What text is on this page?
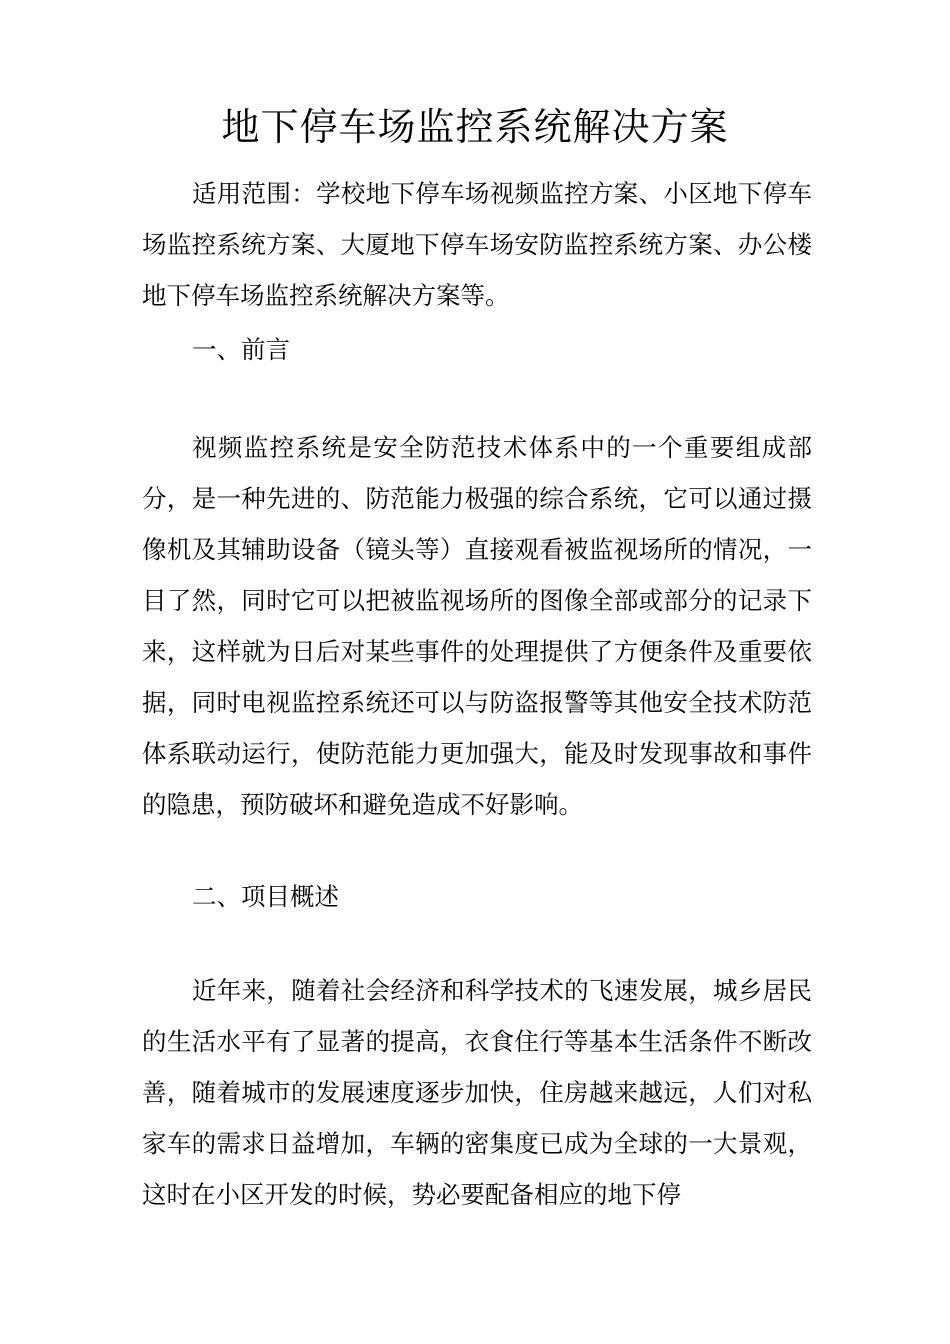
地下停车场监控系统解决方案

适用范围：学校地下停车场视频监控方案、小区地下停车场监控系统方案、大厦地下停车场安防监控系统方案、办公楼地下停车场监控系统解决方案等。

一、前言

视频监控系统是安全防范技术体系中的一个重要组成部分，是一种先进的、防范能力极强的综合系统，它可以通过摄像机及其辅助设备（镜头等）直接观看被监视场所的情况，一目了然，同时它可以把被监视场所的图像全部或部分的记录下来，这样就为日后对某些事件的处理提供了方便条件及重要依据，同时电视监控系统还可以与防盗报警等其他安全技术防范体系联动运行，使防范能力更加强大，能及时发现事故和事件的隐患，预防破坏和避免造成不好影响。

二、项目概述

近年来，随着社会经济和科学技术的飞速发展，城乡居民的生活水平有了显著的提高，衣食住行等基本生活条件不断改善，随着城市的发展速度逐步加快，住房越来越远，人们对私家车的需求日益增加，车辆的密集度已成为全球的一大景观，这时在小区开发的时候，势必要配备相应的地下停
